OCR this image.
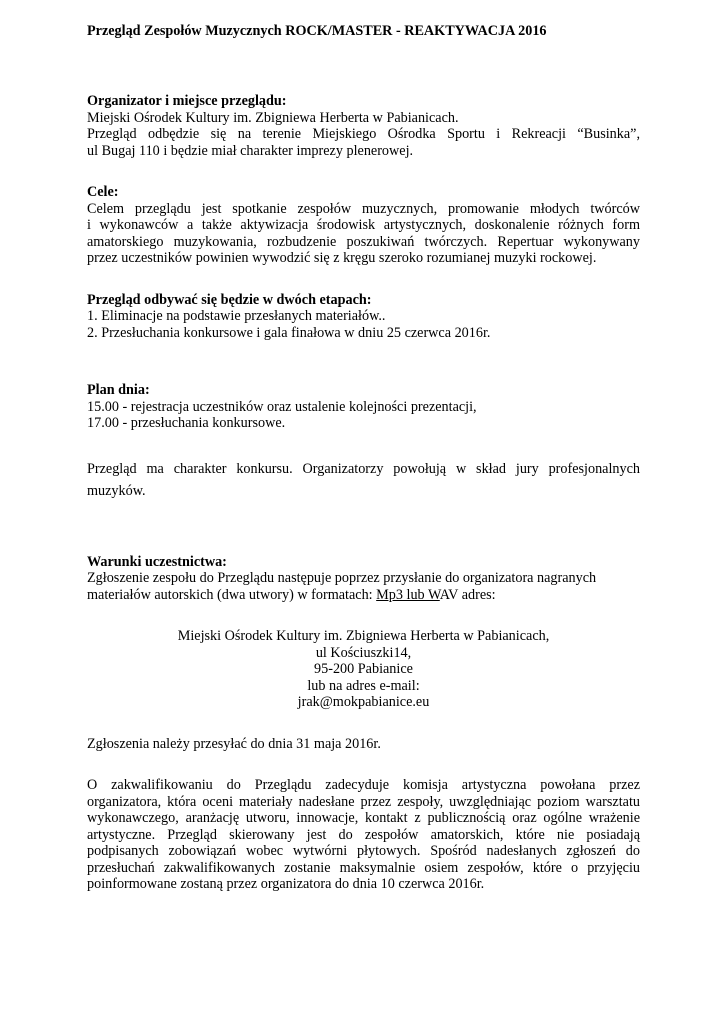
Przegląd Zespołów Muzycznych ROCK/MASTER - REAKTYWACJA 2016

Organizator i miejsce przeglądu:

Miejski Ośrodek Kultury im. Zbigniewa Herberta w Pabianicach.

Przegląd odbędzie się na terenie Miejskiego Ośrodka Sportu i Rekreacji “Businka”,

ul Bugaj 110 i będzie miał charakter imprezy plenerowej.

Cele:

Celem przeglądu jest spotkanie zespołów muzycznych, promowanie młodych twórców

i wykonawców a także aktywizacja środowisk artystycznych, doskonalenie różnych form

amatorskiego muzykowania, rozbudzenie poszukiwań twórczych. Repertuar wykonywany

przez uczestników powinien wywodzić się z kręgu szeroko rozumianej muzyki rockowej.

Przegląd odbywać się będzie w dwóch etapach:

1. Eliminacje na podstawie przesłanych materiałów..

2. Przesłuchania konkursowe i gala finałowa w dniu 25 czerwca 2016r.

Plan dnia:

15.00 - rejestracja uczestników oraz ustalenie kolejności prezentacji,

17.00 - przesłuchania konkursowe.

Przegląd ma charakter konkursu. Organizatorzy powołują w skład jury profesjonalnych

muzyków.

Warunki uczestnictwa:

Zgłoszenie zespołu do Przeglądu następuje poprzez przysłanie do organizatora nagranych

materiałów autorskich (dwa utwory) w formatach: Mp3 lub WAV adres:

Miejski Ośrodek Kultury im. Zbigniewa Herberta w Pabianicach,

ul Kościuszki14,

95-200 Pabianice

lub na adres e-mail:

jrak@mokpabianice.eu

Zgłoszenia należy przesyłać do dnia 31 maja 2016r.

O zakwalifikowaniu do Przeglądu zadecyduje komisja artystyczna powołana przez

organizatora, która oceni materiały nadesłane przez zespoły, uwzględniając poziom warsztatu

wykonawczego, aranżację utworu, innowacje, kontakt z publicznością oraz ogólne wrażenie

artystyczne. Przegląd skierowany jest do zespołów amatorskich, które nie posiadają

podpisanych zobowiązań wobec wytwórni płytowych. Spośród nadesłanych zgłoszeń do

przesłuchań zakwalifikowanych zostanie maksymalnie osiem zespołów, które o przyjęciu

poinformowane zostaną przez organizatora do dnia 10 czerwca 2016r.
